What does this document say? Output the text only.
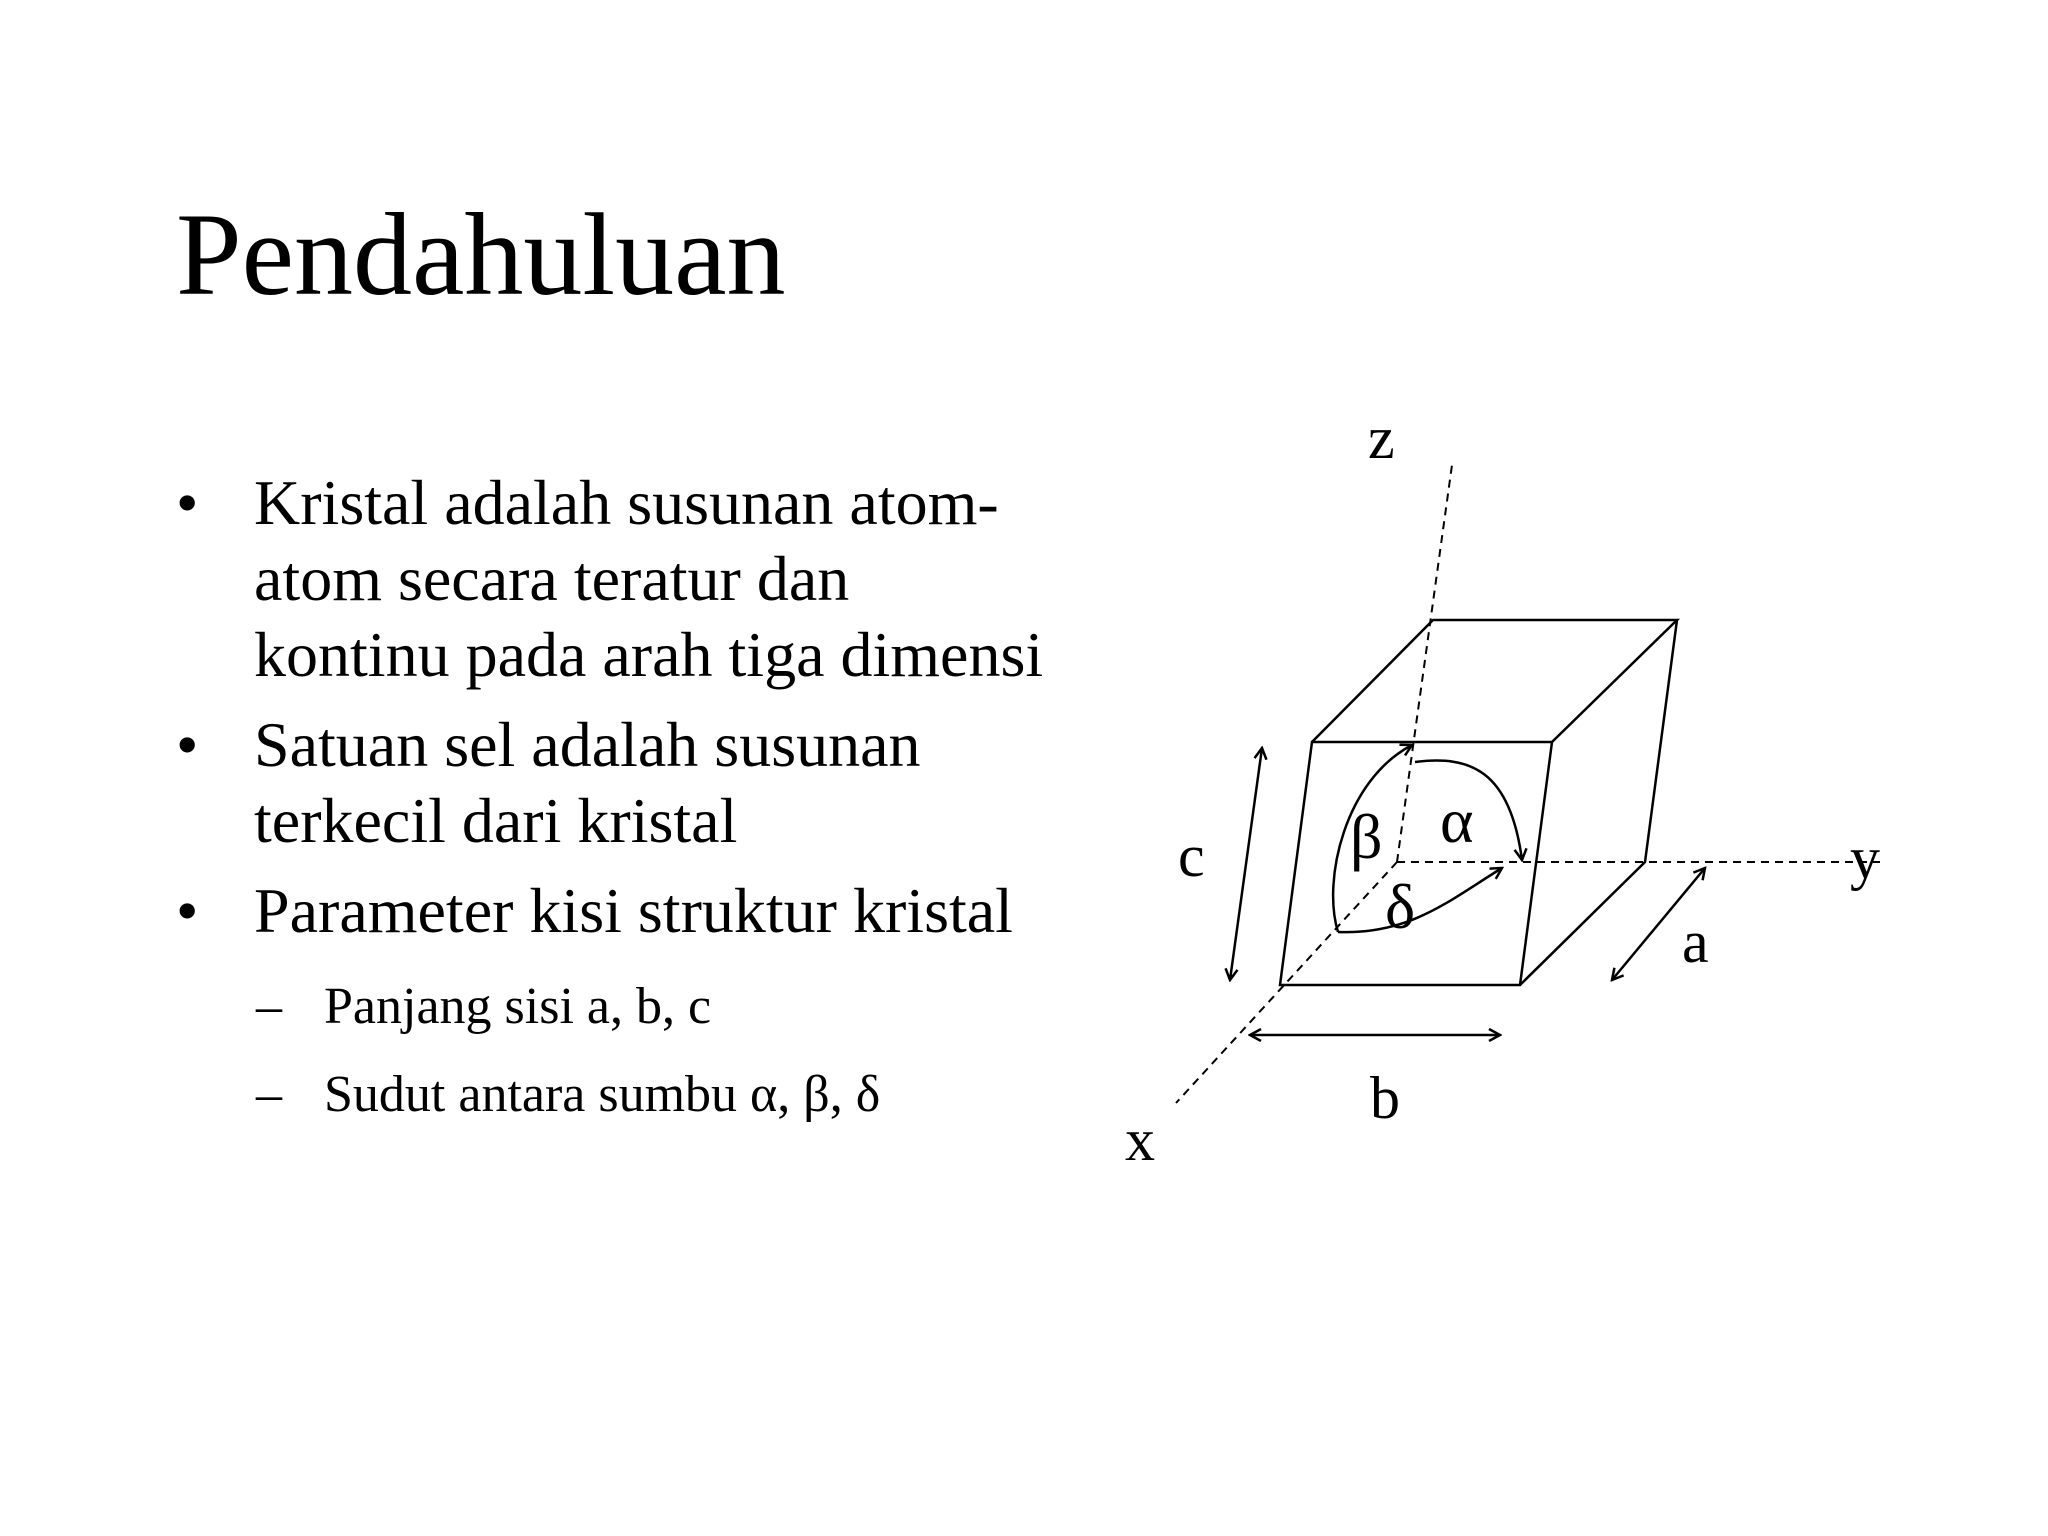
Pendahuluan
• Kristal adalah susunan atom-atom secara teratur dan kontinu pada arah tiga dimensi
• Satuan sel adalah susunan terkecil dari kristal
• Parameter kisi struktur kristal
– Panjang sisi a, b, c
– Sudut antara sumbu α, β, δ
z
y
x
c
b
a
β α
δ
